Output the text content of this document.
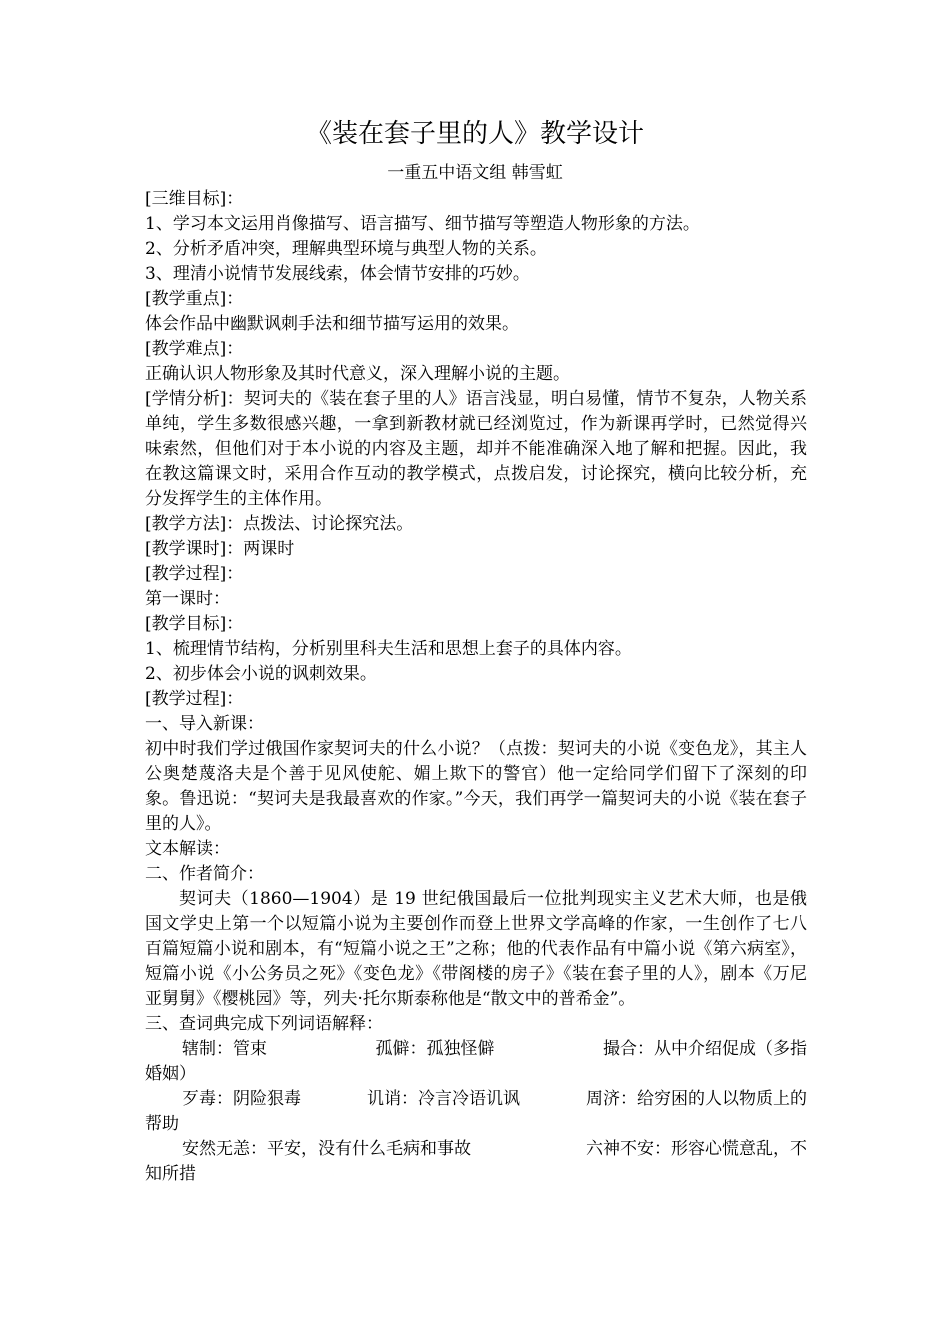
《装在套子里的人》教学设计
一重五中语文组 韩雪虹

[三维目标]：

1、学习本文运用肖像描写、语言描写、细节描写等塑造人物形象的方法。

2、分析矛盾冲突，理解典型环境与典型人物的关系。

3、理清小说情节发展线索，体会情节安排的巧妙。

[教学重点]：

体会作品中幽默讽刺手法和细节描写运用的效果。

[教学难点]：

正确认识人物形象及其时代意义，深入理解小说的主题。

[学情分析]：契诃夫的《装在套子里的人》语言浅显，明白易懂，情节不复杂，人物关系单纯，学生多数很感兴趣，一拿到新教材就已经浏览过，作为新课再学时，已然觉得兴味索然，但他们对于本小说的内容及主题，却并不能准确深入地了解和把握。因此，我在教这篇课文时，采用合作互动的教学模式，点拨启发，讨论探究，横向比较分析，充分发挥学生的主体作用。

[教学方法]：点拨法、讨论探究法。

[教学课时]：两课时

[教学过程]：

第一课时：

[教学目标]：

1、梳理情节结构，分析别里科夫生活和思想上套子的具体内容。

2、初步体会小说的讽刺效果。

[教学过程]：

一、导入新课：

初中时我们学过俄国作家契诃夫的什么小说？（点拨：契诃夫的小说《变色龙》，其主人公奥楚蔑洛夫是个善于见风使舵、媚上欺下的警官）他一定给同学们留下了深刻的印象。鲁迅说：“契诃夫是我最喜欢的作家。”今天，我们再学一篇契诃夫的小说《装在套子里的人》。

文本解读：

二、作者简介：

契诃夫（1860—1904）是 19 世纪俄国最后一位批判现实主义艺术大师，也是俄国文学史上第一个以短篇小说为主要创作而登上世界文学高峰的作家，一生创作了七八百篇短篇小说和剧本，有“短篇小说之王”之称；他的代表作品有中篇小说《第六病室》，短篇小说《小公务员之死》《变色龙》《带阁楼的房子》《装在套子里的人》，剧本《万尼亚舅舅》《樱桃园》等，列夫·托尔斯泰称他是“散文中的普希金”。

三、查词典完成下列词语解释：

辖制：管束	孤僻：孤独怪僻	撮合：从中介绍促成（多指

婚姻）

歹毒：阴险狠毒	讥诮：冷言冷语讥讽	周济：给穷困的人以物质上的

帮助

安然无恙：平安，没有什么毛病和事故	六神不安：形容心慌意乱，不

知所措
